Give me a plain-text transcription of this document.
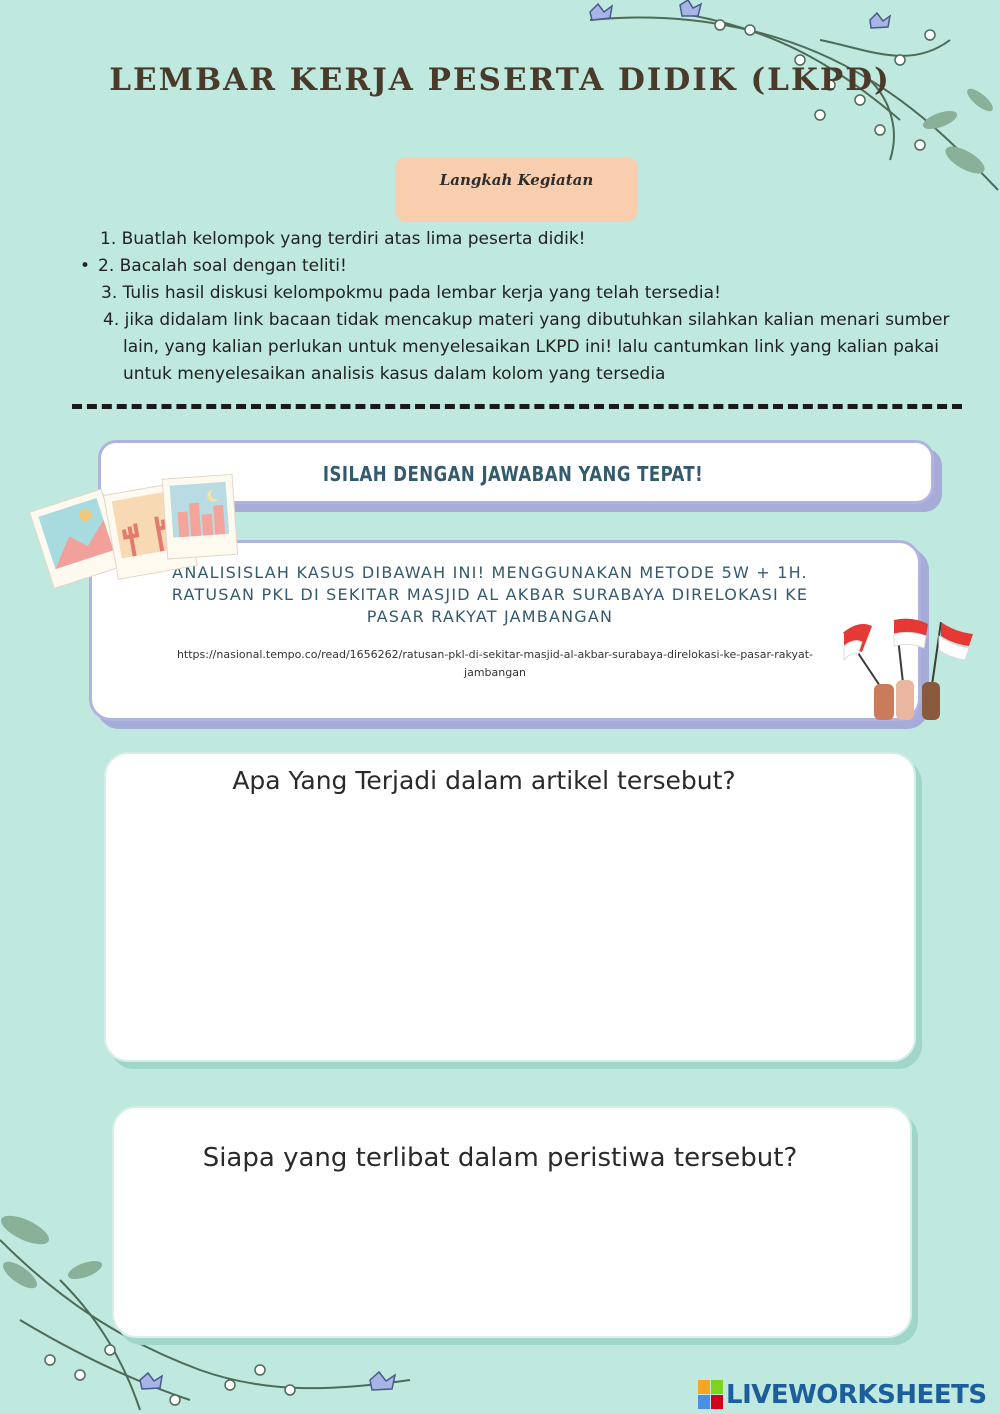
LEMBAR KERJA PESERTA DIDIK (LKPD)
Langkah Kegiatan
1. Buatlah kelompok yang terdiri atas lima peserta didik!
• 2. Bacalah soal dengan teliti!
3. Tulis hasil diskusi kelompokmu pada lembar kerja yang telah tersedia!
4. jika didalam link bacaan tidak mencakup materi yang dibutuhkan silahkan kalian menari sumber lain, yang kalian perlukan untuk menyelesaikan LKPD ini! lalu cantumkan link yang kalian pakai untuk menyelesaikan analisis kasus dalam kolom yang tersedia
ISILAH DENGAN JAWABAN YANG TEPAT!
ANALISISLAH KASUS DIBAWAH INI! MENGGUNAKAN METODE 5W + 1H.
RATUSAN PKL DI SEKITAR MASJID AL AKBAR SURABAYA DIRELOKASI KE
PASAR RAKYAT JAMBANGAN
https://nasional.tempo.co/read/1656262/ratusan-pkl-di-sekitar-masjid-al-akbar-surabaya-direlokasi-ke-pasar-rakyat-jambangan
Apa Yang Terjadi dalam artikel tersebut?
Siapa yang terlibat dalam peristiwa tersebut?
LIVEWORKSHEETS
